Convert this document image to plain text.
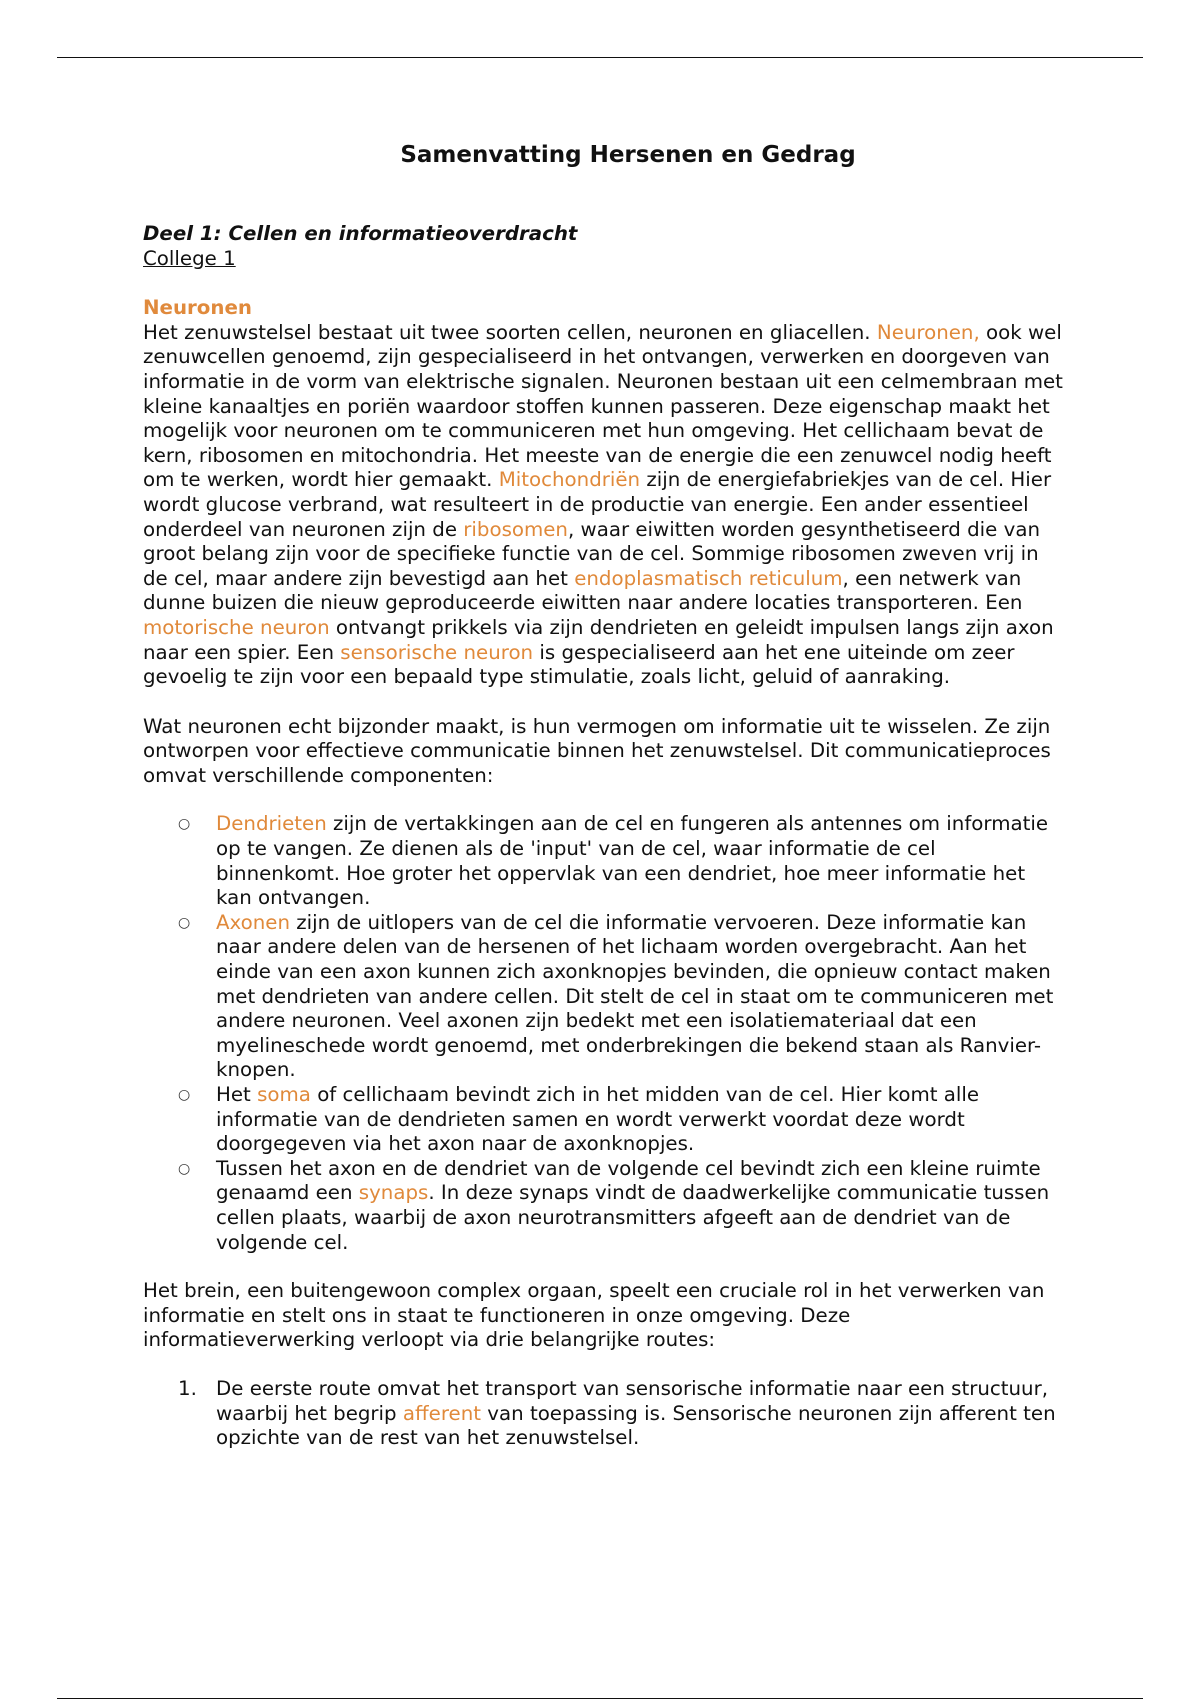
Samenvatting Hersenen en Gedrag
Deel 1: Cellen en informatieoverdracht
College 1
Neuronen

Het zenuwstelsel bestaat uit twee soorten cellen, neuronen en gliacellen. Neuronen, ook wel zenuwcellen genoemd, zijn gespecialiseerd in het ontvangen, verwerken en doorgeven van informatie in de vorm van elektrische signalen. Neuronen bestaan uit een celmembraan met kleine kanaaltjes en poriën waardoor stoffen kunnen passeren. Deze eigenschap maakt het mogelijk voor neuronen om te communiceren met hun omgeving. Het cellichaam bevat de kern, ribosomen en mitochondria. Het meeste van de energie die een zenuwcel nodig heeft om te werken, wordt hier gemaakt. Mitochondriën zijn de energiefabriekjes van de cel. Hier wordt glucose verbrand, wat resulteert in de productie van energie. Een ander essentieel onderdeel van neuronen zijn de ribosomen, waar eiwitten worden gesynthetiseerd die van groot belang zijn voor de specifieke functie van de cel. Sommige ribosomen zweven vrij in de cel, maar andere zijn bevestigd aan het endoplasmatisch reticulum, een netwerk van dunne buizen die nieuw geproduceerde eiwitten naar andere locaties transporteren. Een motorische neuron ontvangt prikkels via zijn dendrieten en geleidt impulsen langs zijn axon naar een spier. Een sensorische neuron is gespecialiseerd aan het ene uiteinde om zeer gevoelig te zijn voor een bepaald type stimulatie, zoals licht, geluid of aanraking.

Wat neuronen echt bijzonder maakt, is hun vermogen om informatie uit te wisselen. Ze zijn ontworpen voor effectieve communicatie binnen het zenuwstelsel. Dit communicatieproces omvat verschillende componenten:

○ Dendrieten zijn de vertakkingen aan de cel en fungeren als antennes om informatie op te vangen. Ze dienen als de 'input' van de cel, waar informatie de cel binnenkomt. Hoe groter het oppervlak van een dendriet, hoe meer informatie het kan ontvangen.
○ Axonen zijn de uitlopers van de cel die informatie vervoeren. Deze informatie kan naar andere delen van de hersenen of het lichaam worden overgebracht. Aan het einde van een axon kunnen zich axonknopjes bevinden, die opnieuw contact maken met dendrieten van andere cellen. Dit stelt de cel in staat om te communiceren met andere neuronen. Veel axonen zijn bedekt met een isolatiemateriaal dat een myelineschede wordt genoemd, met onderbrekingen die bekend staan als Ranvier-knopen.
○ Het soma of cellichaam bevindt zich in het midden van de cel. Hier komt alle informatie van de dendrieten samen en wordt verwerkt voordat deze wordt doorgegeven via het axon naar de axonknopjes.
○ Tussen het axon en de dendriet van de volgende cel bevindt zich een kleine ruimte genaamd een synaps. In deze synaps vindt de daadwerkelijke communicatie tussen cellen plaats, waarbij de axon neurotransmitters afgeeft aan de dendriet van de volgende cel.

Het brein, een buitengewoon complex orgaan, speelt een cruciale rol in het verwerken van informatie en stelt ons in staat te functioneren in onze omgeving. Deze informatieverwerking verloopt via drie belangrijke routes:

1. De eerste route omvat het transport van sensorische informatie naar een structuur, waarbij het begrip afferent van toepassing is. Sensorische neuronen zijn afferent ten opzichte van de rest van het zenuwstelsel.
